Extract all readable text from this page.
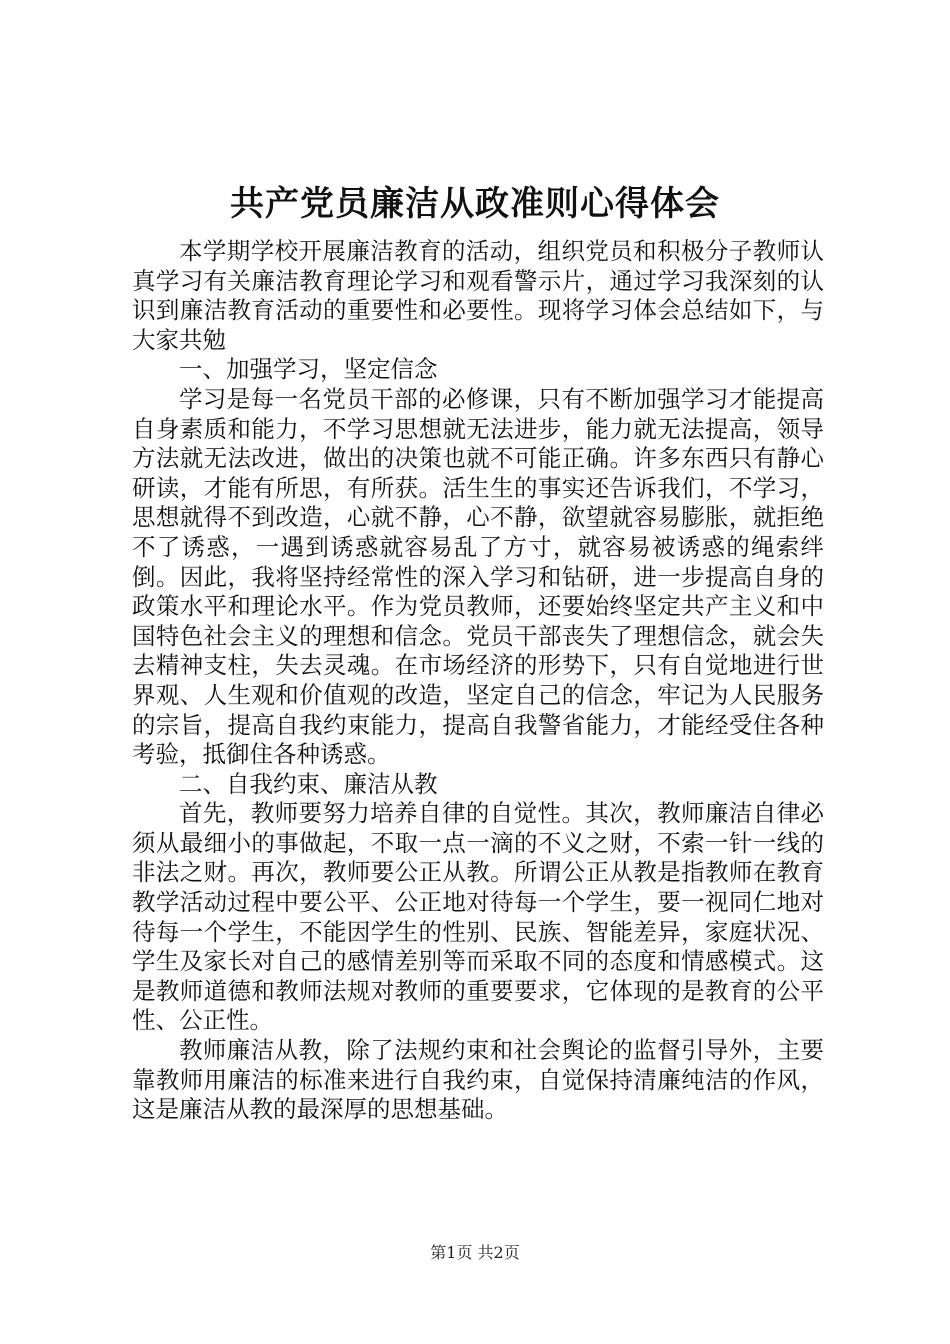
共产党员廉洁从政准则心得体会

本学期学校开展廉洁教育的活动，组织党员和积极分子教师认真学习有关廉洁教育理论学习和观看警示片，通过学习我深刻的认识到廉洁教育活动的重要性和必要性。现将学习体会总结如下，与大家共勉

一、加强学习，坚定信念

学习是每一名党员干部的必修课，只有不断加强学习才能提高自身素质和能力，不学习思想就无法进步，能力就无法提高，领导方法就无法改进，做出的决策也就不可能正确。许多东西只有静心研读，才能有所思，有所获。活生生的事实还告诉我们，不学习，思想就得不到改造，心就不静，心不静，欲望就容易膨胀，就拒绝不了诱惑，一遇到诱惑就容易乱了方寸，就容易被诱惑的绳索绊倒。因此，我将坚持经常性的深入学习和钻研，进一步提高自身的政策水平和理论水平。作为党员教师，还要始终坚定共产主义和中国特色社会主义的理想和信念。党员干部丧失了理想信念，就会失去精神支柱，失去灵魂。在市场经济的形势下，只有自觉地进行世界观、人生观和价值观的改造，坚定自己的信念，牢记为人民服务的宗旨，提高自我约束能力，提高自我警省能力，才能经受住各种考验，抵御住各种诱惑。

二、自我约束、廉洁从教

首先，教师要努力培养自律的自觉性。其次，教师廉洁自律必须从最细小的事做起，不取一点一滴的不义之财，不索一针一线的非法之财。再次，教师要公正从教。所谓公正从教是指教师在教育教学活动过程中要公平、公正地对待每一个学生，要一视同仁地对待每一个学生，不能因学生的性别、民族、智能差异，家庭状况、学生及家长对自己的感情差别等而采取不同的态度和情感模式。这是教师道德和教师法规对教师的重要要求，它体现的是教育的公平性、公正性。

教师廉洁从教，除了法规约束和社会舆论的监督引导外，主要靠教师用廉洁的标准来进行自我约束，自觉保持清廉纯洁的作风，这是廉洁从教的最深厚的思想基础。

第1页 共2页
